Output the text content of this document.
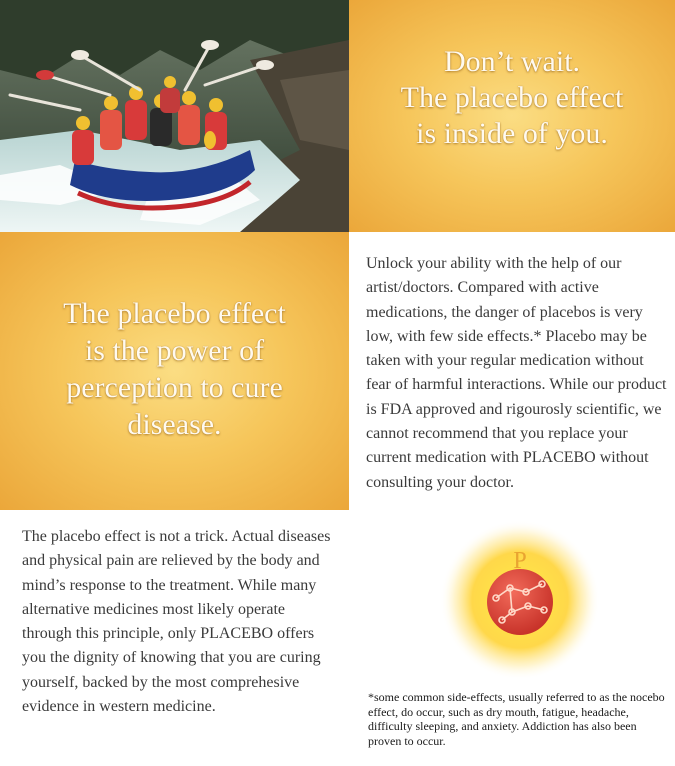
Don’t wait.
The placebo effect
is inside of you.
The placebo effect
is the power of
perception to cure
disease.

Unlock your ability with the help of our artist/doctors. Compared with active medications, the danger of placebos is very low, with few side effects.* Placebo may be taken with your regular medication without fear of harmful interactions. While our product is FDA approved and rigourosly scientific, we cannot recommend that you replace your current medication with PLACEBO without consulting your doctor.

The placebo effect is not a trick. Actual diseases and physical pain are relieved by the body and mind’s response to the treatment. While many alternative medicines most likely operate through this principle, only PLACEBO offers you the dignity of knowing that you are curing yourself, backed by the most comprehesive evidence in western medicine.

P

*some common side-effects, usually referred to as the nocebo effect, do occur, such as dry mouth, fatigue, headache, difficulty sleeping, and anxiety. Addiction has also been proven to occur.
